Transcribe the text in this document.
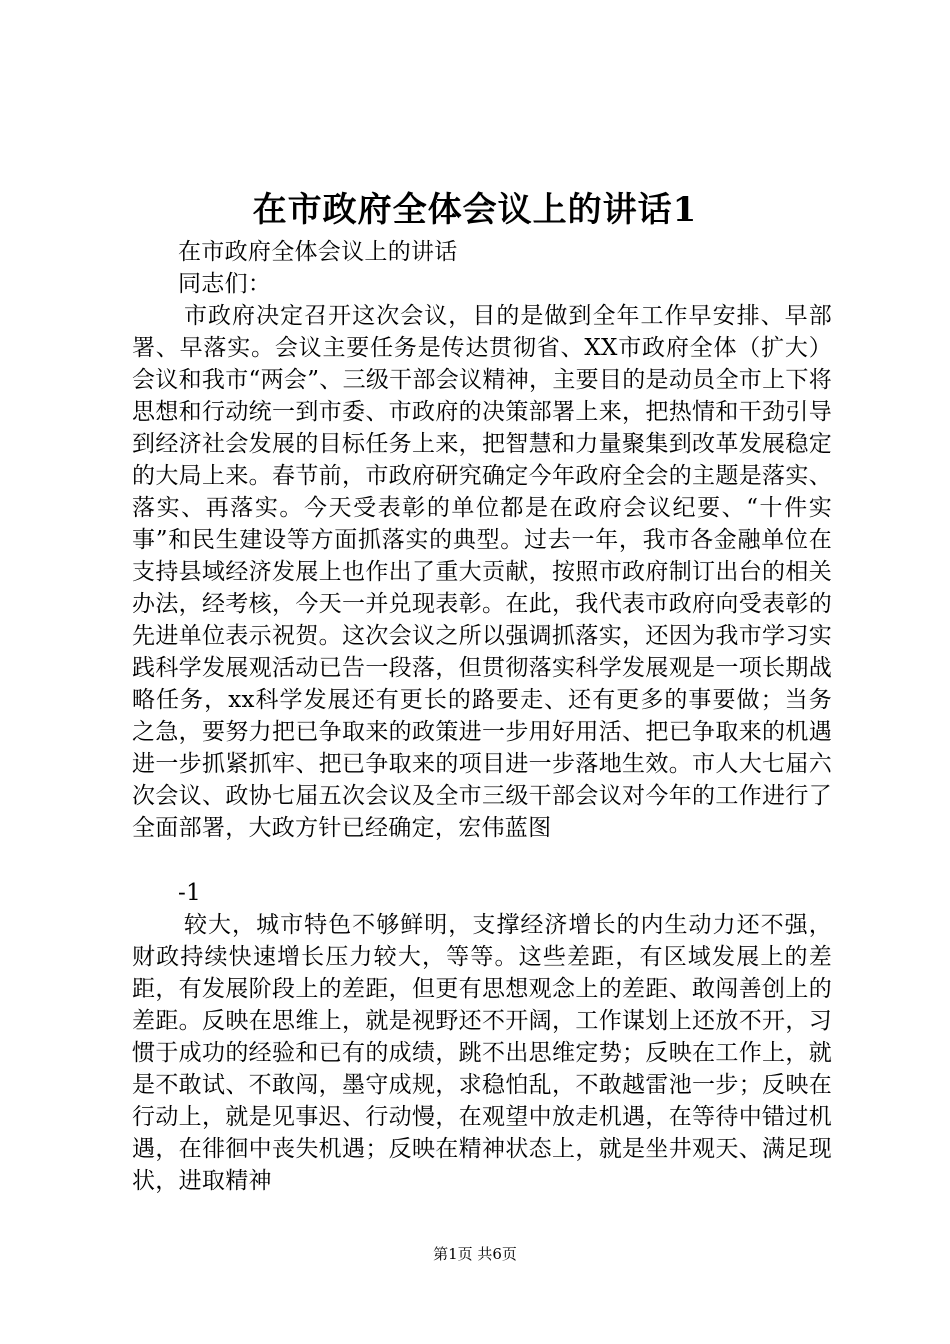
在市政府全体会议上的讲话1
在市政府全体会议上的讲话
同志们：
市政府决定召开这次会议，目的是做到全年工作早安排、早部署、早落实。会议主要任务是传达贯彻省、XX市政府全体（扩大）会议和我市“两会”、三级干部会议精神，主要目的是动员全市上下将思想和行动统一到市委、市政府的决策部署上来，把热情和干劲引导到经济社会发展的目标任务上来，把智慧和力量聚集到改革发展稳定的大局上来。春节前，市政府研究确定今年政府全会的主题是落实、落实、再落实。今天受表彰的单位都是在政府会议纪要、“十件实事”和民生建设等方面抓落实的典型。过去一年，我市各金融单位在支持县域经济发展上也作出了重大贡献，按照市政府制订出台的相关办法，经考核，今天一并兑现表彰。在此，我代表市政府向受表彰的先进单位表示祝贺。这次会议之所以强调抓落实，还因为我市学习实践科学发展观活动已告一段落，但贯彻落实科学发展观是一项长期战略任务，xx科学发展还有更长的路要走、还有更多的事要做；当务之急，要努力把已争取来的政策进一步用好用活、把已争取来的机遇进一步抓紧抓牢、把已争取来的项目进一步落地生效。市人大七届六次会议、政协七届五次会议及全市三级干部会议对今年的工作进行了全面部署，大政方针已经确定，宏伟蓝图
-1
较大，城市特色不够鲜明，支撑经济增长的内生动力还不强，财政持续快速增长压力较大，等等。这些差距，有区域发展上的差距，有发展阶段上的差距，但更有思想观念上的差距、敢闯善创上的差距。反映在思维上，就是视野还不开阔，工作谋划上还放不开，习惯于成功的经验和已有的成绩，跳不出思维定势；反映在工作上，就是不敢试、不敢闯，墨守成规，求稳怕乱，不敢越雷池一步；反映在行动上，就是见事迟、行动慢，在观望中放走机遇，在等待中错过机遇，在徘徊中丧失机遇；反映在精神状态上，就是坐井观天、满足现状，进取精神
第1页 共6页
